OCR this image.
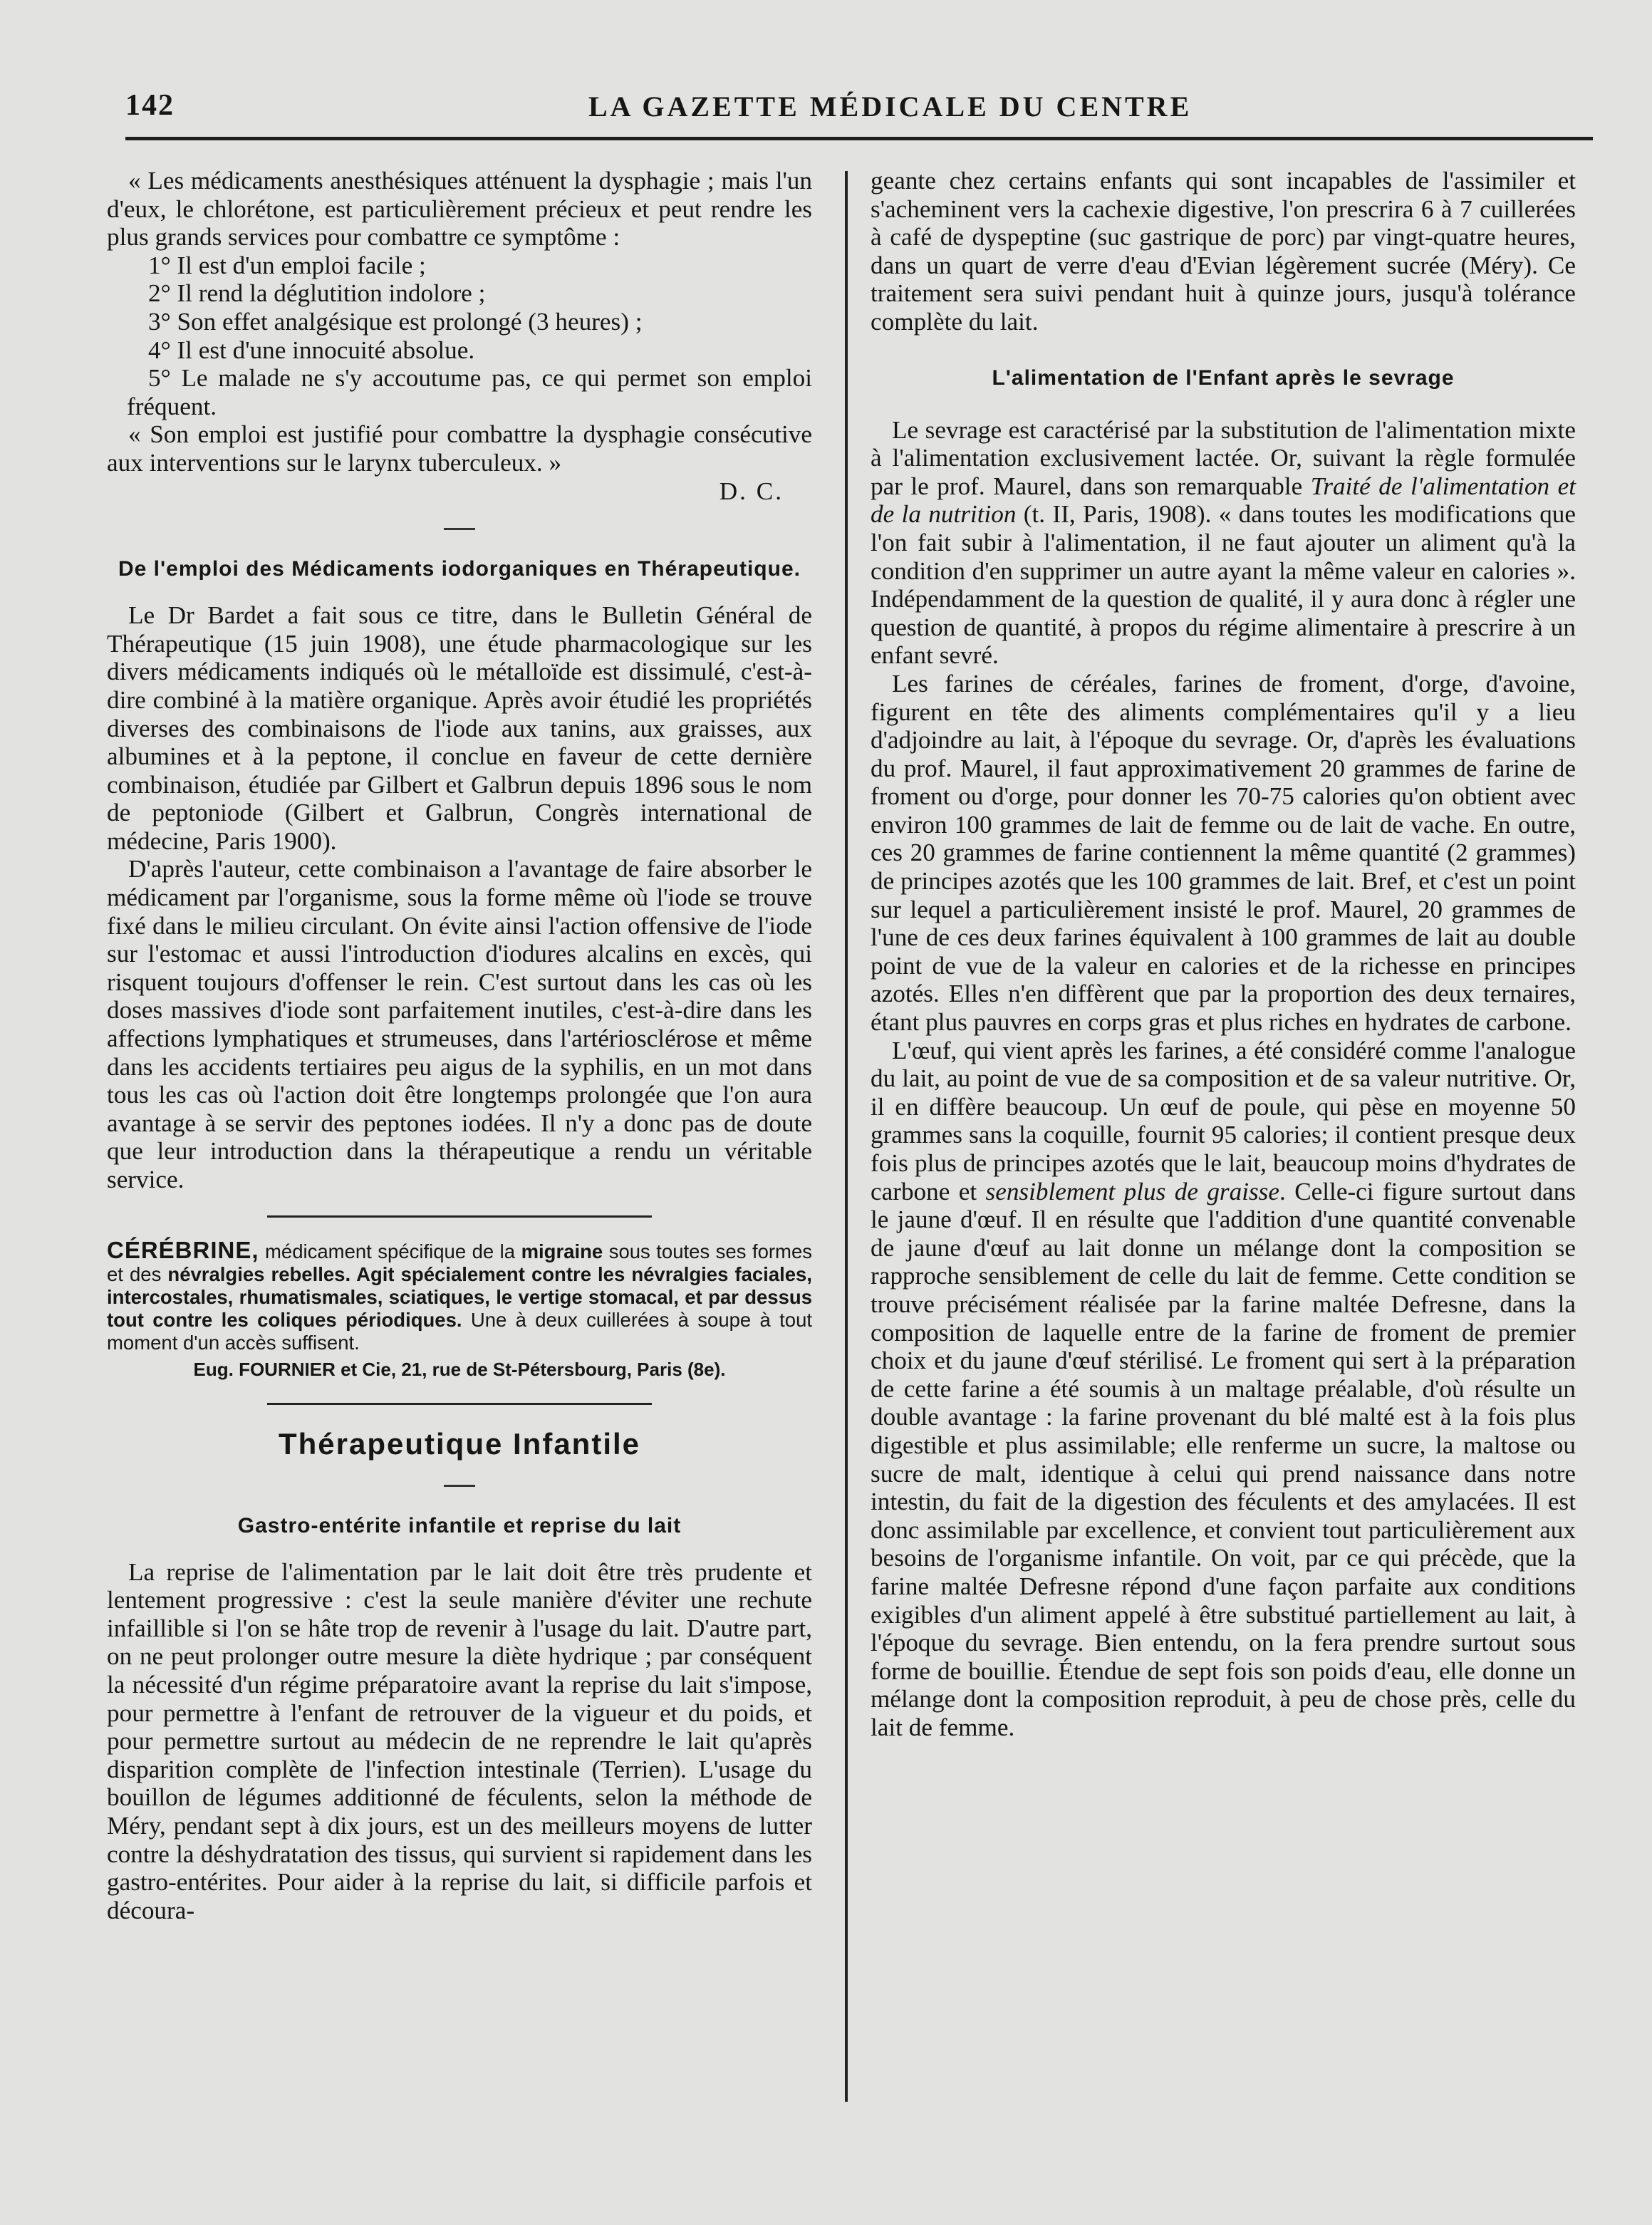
142	LA GAZETTE MÉDICALE DU CENTRE

« Les médicaments anesthésiques atténuent la dysphagie ; mais l'un d'eux, le chlorétone, est particulièrement précieux et peut rendre les plus grands services pour combattre ce symptôme :

1° Il est d'un emploi facile ;

2° Il rend la déglutition indolore ;

3° Son effet analgésique est prolongé (3 heures) ;

4° Il est d'une innocuité absolue.

5° Le malade ne s'y accoutume pas, ce qui permet son emploi fréquent.

« Son emploi est justifié pour combattre la dysphagie consécutive aux interventions sur le larynx tuberculeux. »

D. C.

De l'emploi des Médicaments iodorganiques en Thérapeutique.

Le Dr Bardet a fait sous ce titre, dans le Bulletin Général de Thérapeutique (15 juin 1908), une étude pharmacologique sur les divers médicaments indiqués où le métalloïde est dissimulé, c'est-à-dire combiné à la matière organique. Après avoir étudié les propriétés diverses des combinaisons de l'iode aux tanins, aux graisses, aux albumines et à la peptone, il conclue en faveur de cette dernière combinaison, étudiée par Gilbert et Galbrun depuis 1896 sous le nom de peptoniode (Gilbert et Galbrun, Congrès international de médecine, Paris 1900).

D'après l'auteur, cette combinaison a l'avantage de faire absorber le médicament par l'organisme, sous la forme même où l'iode se trouve fixé dans le milieu circulant. On évite ainsi l'action offensive de l'iode sur l'estomac et aussi l'introduction d'iodures alcalins en excès, qui risquent toujours d'offenser le rein. C'est surtout dans les cas où les doses massives d'iode sont parfaitement inutiles, c'est-à-dire dans les affections lymphatiques et strumeuses, dans l'artériosclérose et même dans les accidents tertiaires peu aigus de la syphilis, en un mot dans tous les cas où l'action doit être longtemps prolongée que l'on aura avantage à se servir des peptones iodées. Il n'y a donc pas de doute que leur introduction dans la thérapeutique a rendu un véritable service.

CÉRÉBRINE, médicament spécifique de la migraine sous toutes ses formes et des névralgies rebelles. Agit spécialement contre les névralgies faciales, intercostales, rhumatismales, sciatiques, le vertige stomacal, et par dessus tout contre les coliques périodiques. Une à deux cuillerées à soupe à tout moment d'un accès suffisent.
Eug. FOURNIER et Cie, 21, rue de St-Pétersbourg, Paris (8e).
Thérapeutique Infantile
Gastro-entérite infantile et reprise du lait

La reprise de l'alimentation par le lait doit être très prudente et lentement progressive : c'est la seule manière d'éviter une rechute infaillible si l'on se hâte trop de revenir à l'usage du lait. D'autre part, on ne peut prolonger outre mesure la diète hydrique ; par conséquent la nécessité d'un régime préparatoire avant la reprise du lait s'impose, pour permettre à l'enfant de retrouver de la vigueur et du poids, et pour permettre surtout au médecin de ne reprendre le lait qu'après disparition complète de l'infection intestinale (Terrien). L'usage du bouillon de légumes additionné de féculents, selon la méthode de Méry, pendant sept à dix jours, est un des meilleurs moyens de lutter contre la déshydratation des tissus, qui survient si rapidement dans les gastro-entérites. Pour aider à la reprise du lait, si difficile parfois et découra-

geante chez certains enfants qui sont incapables de l'assimiler et s'acheminent vers la cachexie digestive, l'on prescrira 6 à 7 cuillerées à café de dyspeptine (suc gastrique de porc) par vingt-quatre heures, dans un quart de verre d'eau d'Evian légèrement sucrée (Méry). Ce traitement sera suivi pendant huit à quinze jours, jusqu'à tolérance complète du lait.

L'alimentation de l'Enfant après le sevrage

Le sevrage est caractérisé par la substitution de l'alimentation mixte à l'alimentation exclusivement lactée. Or, suivant la règle formulée par le prof. Maurel, dans son remarquable Traité de l'alimentation et de la nutrition (t. II, Paris, 1908). « dans toutes les modifications que l'on fait subir à l'alimentation, il ne faut ajouter un aliment qu'à la condition d'en supprimer un autre ayant la même valeur en calories ». Indépendamment de la question de qualité, il y aura donc à régler une question de quantité, à propos du régime alimentaire à prescrire à un enfant sevré.

Les farines de céréales, farines de froment, d'orge, d'avoine, figurent en tête des aliments complémentaires qu'il y a lieu d'adjoindre au lait, à l'époque du sevrage. Or, d'après les évaluations du prof. Maurel, il faut approximativement 20 grammes de farine de froment ou d'orge, pour donner les 70-75 calories qu'on obtient avec environ 100 grammes de lait de femme ou de lait de vache. En outre, ces 20 grammes de farine contiennent la même quantité (2 grammes) de principes azotés que les 100 grammes de lait. Bref, et c'est un point sur lequel a particulièrement insisté le prof. Maurel, 20 grammes de l'une de ces deux farines équivalent à 100 grammes de lait au double point de vue de la valeur en calories et de la richesse en principes azotés. Elles n'en diffèrent que par la proportion des deux ternaires, étant plus pauvres en corps gras et plus riches en hydrates de carbone.

L'œuf, qui vient après les farines, a été considéré comme l'analogue du lait, au point de vue de sa composition et de sa valeur nutritive. Or, il en diffère beaucoup. Un œuf de poule, qui pèse en moyenne 50 grammes sans la coquille, fournit 95 calories; il contient presque deux fois plus de principes azotés que le lait, beaucoup moins d'hydrates de carbone et sensiblement plus de graisse. Celle-ci figure surtout dans le jaune d'œuf. Il en résulte que l'addition d'une quantité convenable de jaune d'œuf au lait donne un mélange dont la composition se rapproche sensiblement de celle du lait de femme. Cette condition se trouve précisément réalisée par la farine maltée Defresne, dans la composition de laquelle entre de la farine de froment de premier choix et du jaune d'œuf stérilisé. Le froment qui sert à la préparation de cette farine a été soumis à un maltage préalable, d'où résulte un double avantage : la farine provenant du blé malté est à la fois plus digestible et plus assimilable; elle renferme un sucre, la maltose ou sucre de malt, identique à celui qui prend naissance dans notre intestin, du fait de la digestion des féculents et des amylacées. Il est donc assimilable par excellence, et convient tout particulièrement aux besoins de l'organisme infantile. On voit, par ce qui précède, que la farine maltée Defresne répond d'une façon parfaite aux conditions exigibles d'un aliment appelé à être substitué partiellement au lait, à l'époque du sevrage. Bien entendu, on la fera prendre surtout sous forme de bouillie. Étendue de sept fois son poids d'eau, elle donne un mélange dont la composition reproduit, à peu de chose près, celle du lait de femme.
